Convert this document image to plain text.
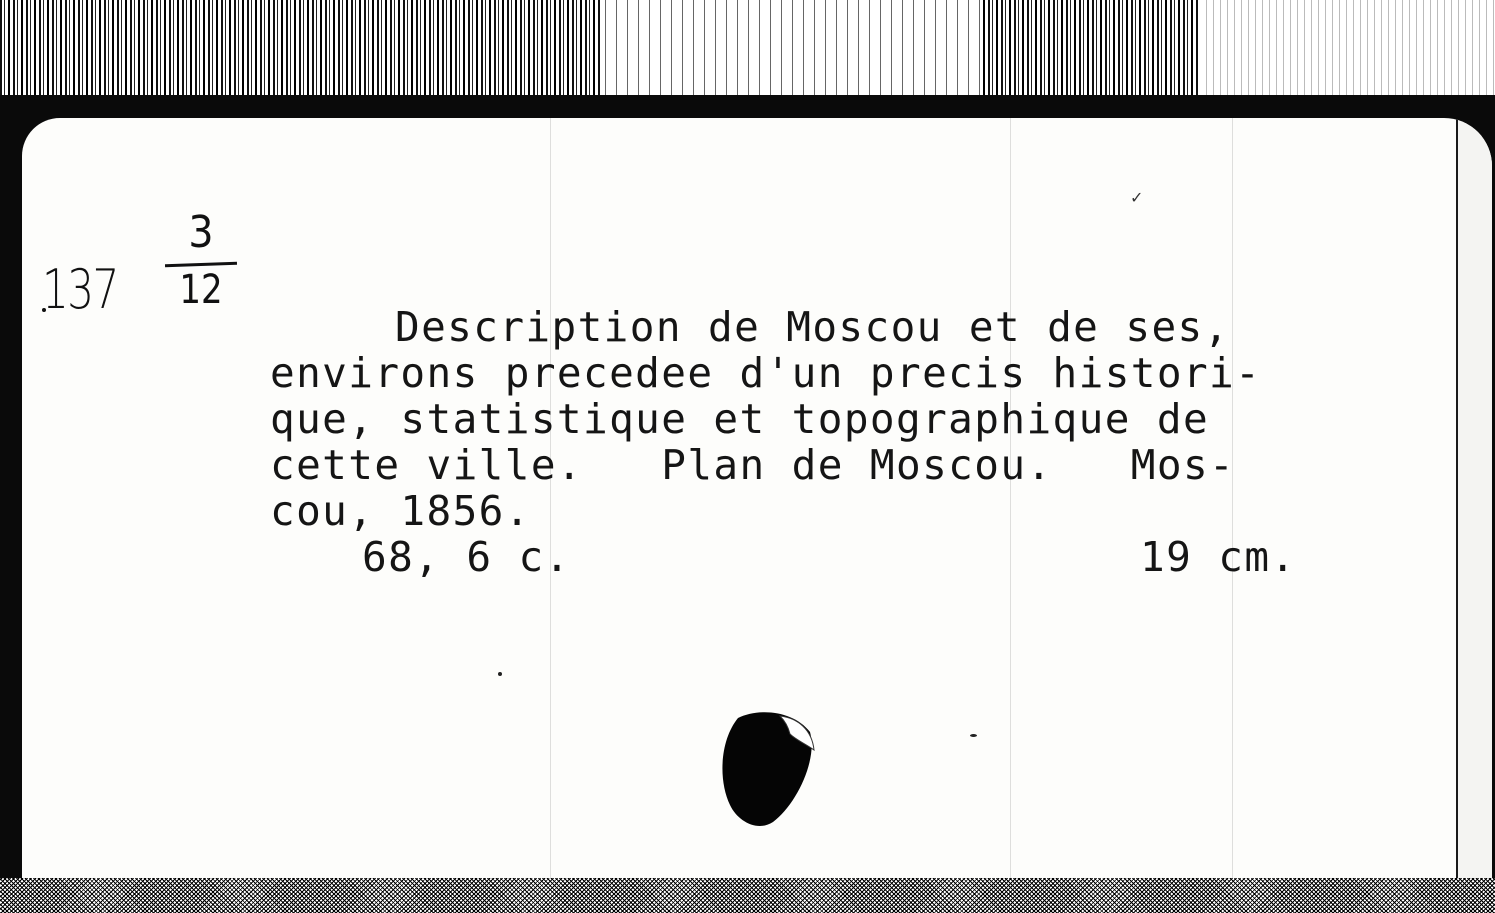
137
3
12
✓
Description de Moscou et de ses,
environs precedee d'un precis histori-
que, statistique et topographique de
cette ville.   Plan de Moscou.   Mos-
cou, 1856.
68, 6 c.	19 cm.
